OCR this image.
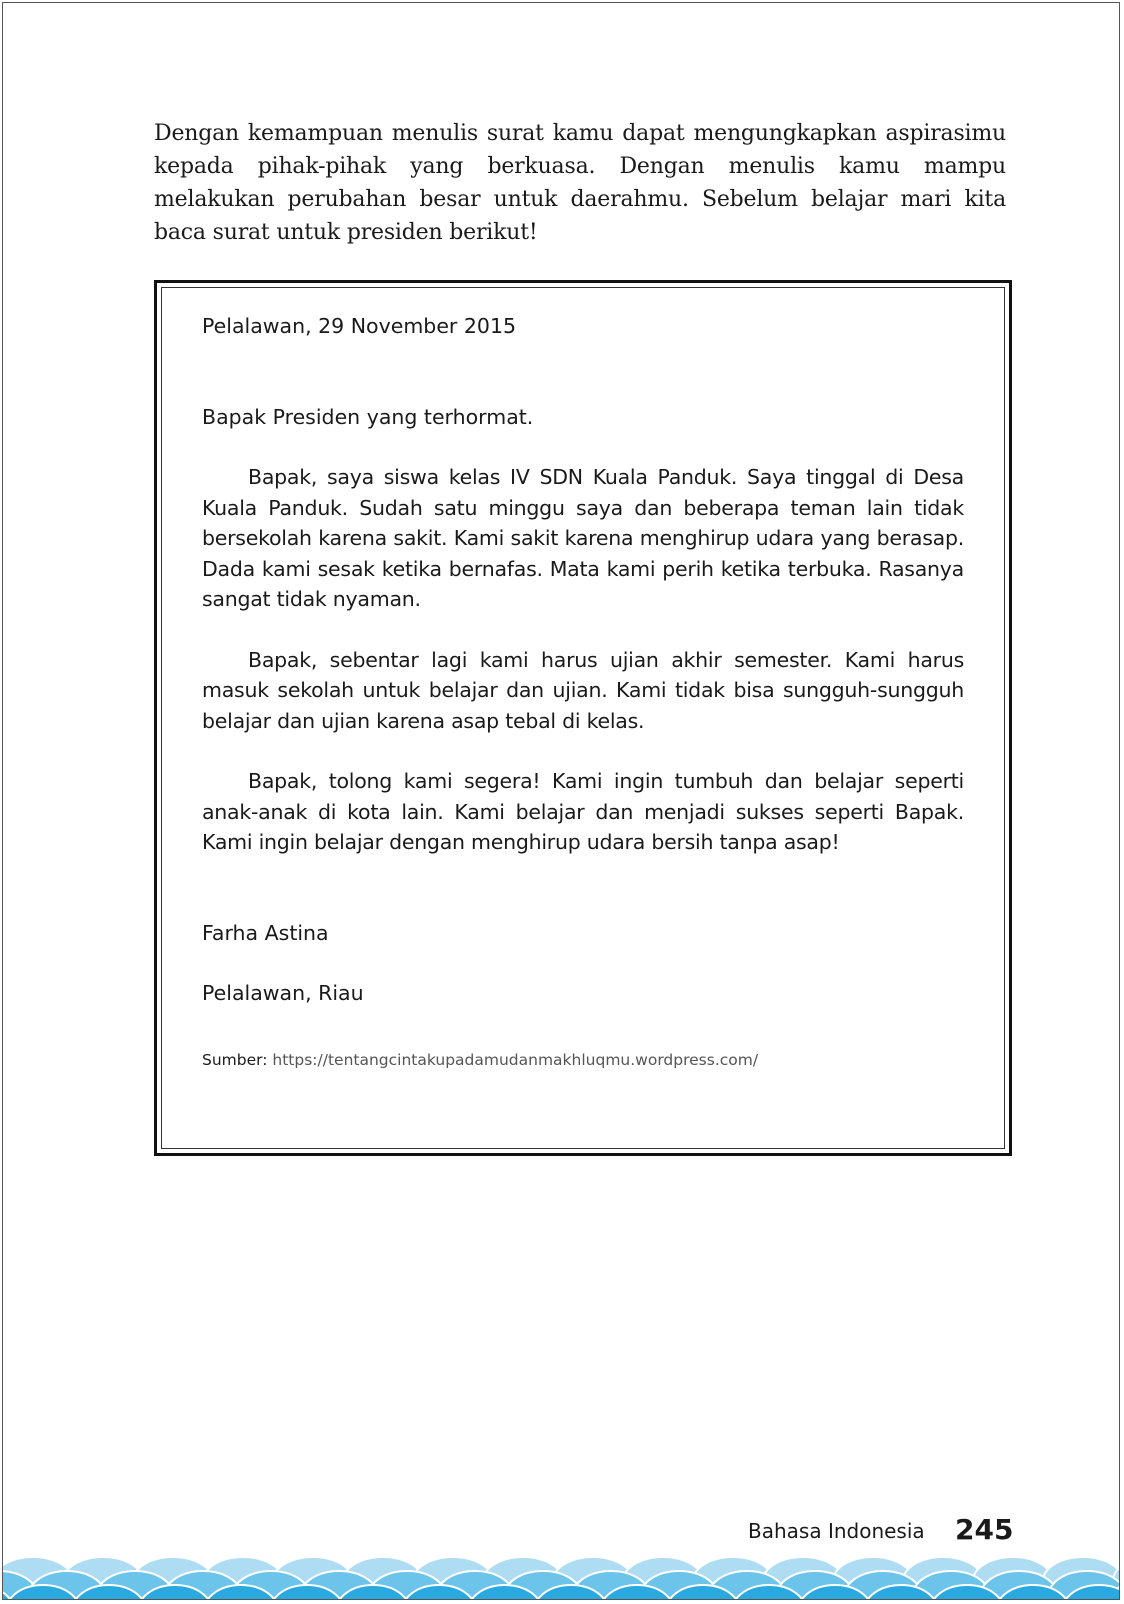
Dengan kemampuan menulis surat kamu dapat mengungkapkan aspirasimu kepada pihak-pihak yang berkuasa. Dengan menulis kamu mampu melakukan perubahan besar untuk daerahmu. Sebelum belajar mari kita baca surat untuk presiden berikut!

Pelalawan, 29 November 2015

Bapak Presiden yang terhormat.

Bapak, saya siswa kelas IV SDN Kuala Panduk. Saya tinggal di Desa Kuala Panduk. Sudah satu minggu saya dan beberapa teman lain tidak bersekolah karena sakit. Kami sakit karena menghirup udara yang berasap. Dada kami sesak ketika bernafas. Mata kami perih ketika terbuka. Rasanya sangat tidak nyaman.

Bapak, sebentar lagi kami harus ujian akhir semester. Kami harus masuk sekolah untuk belajar dan ujian. Kami tidak bisa sungguh-sungguh belajar dan ujian karena asap tebal di kelas.

Bapak, tolong kami segera! Kami ingin tumbuh dan belajar seperti anak-anak di kota lain. Kami belajar dan menjadi sukses seperti Bapak. Kami ingin belajar dengan menghirup udara bersih tanpa asap!

Farha Astina

Pelalawan, Riau

Sumber: https://tentangcintakupadamudanmakhluqmu.wordpress.com/

Bahasa Indonesia 245
